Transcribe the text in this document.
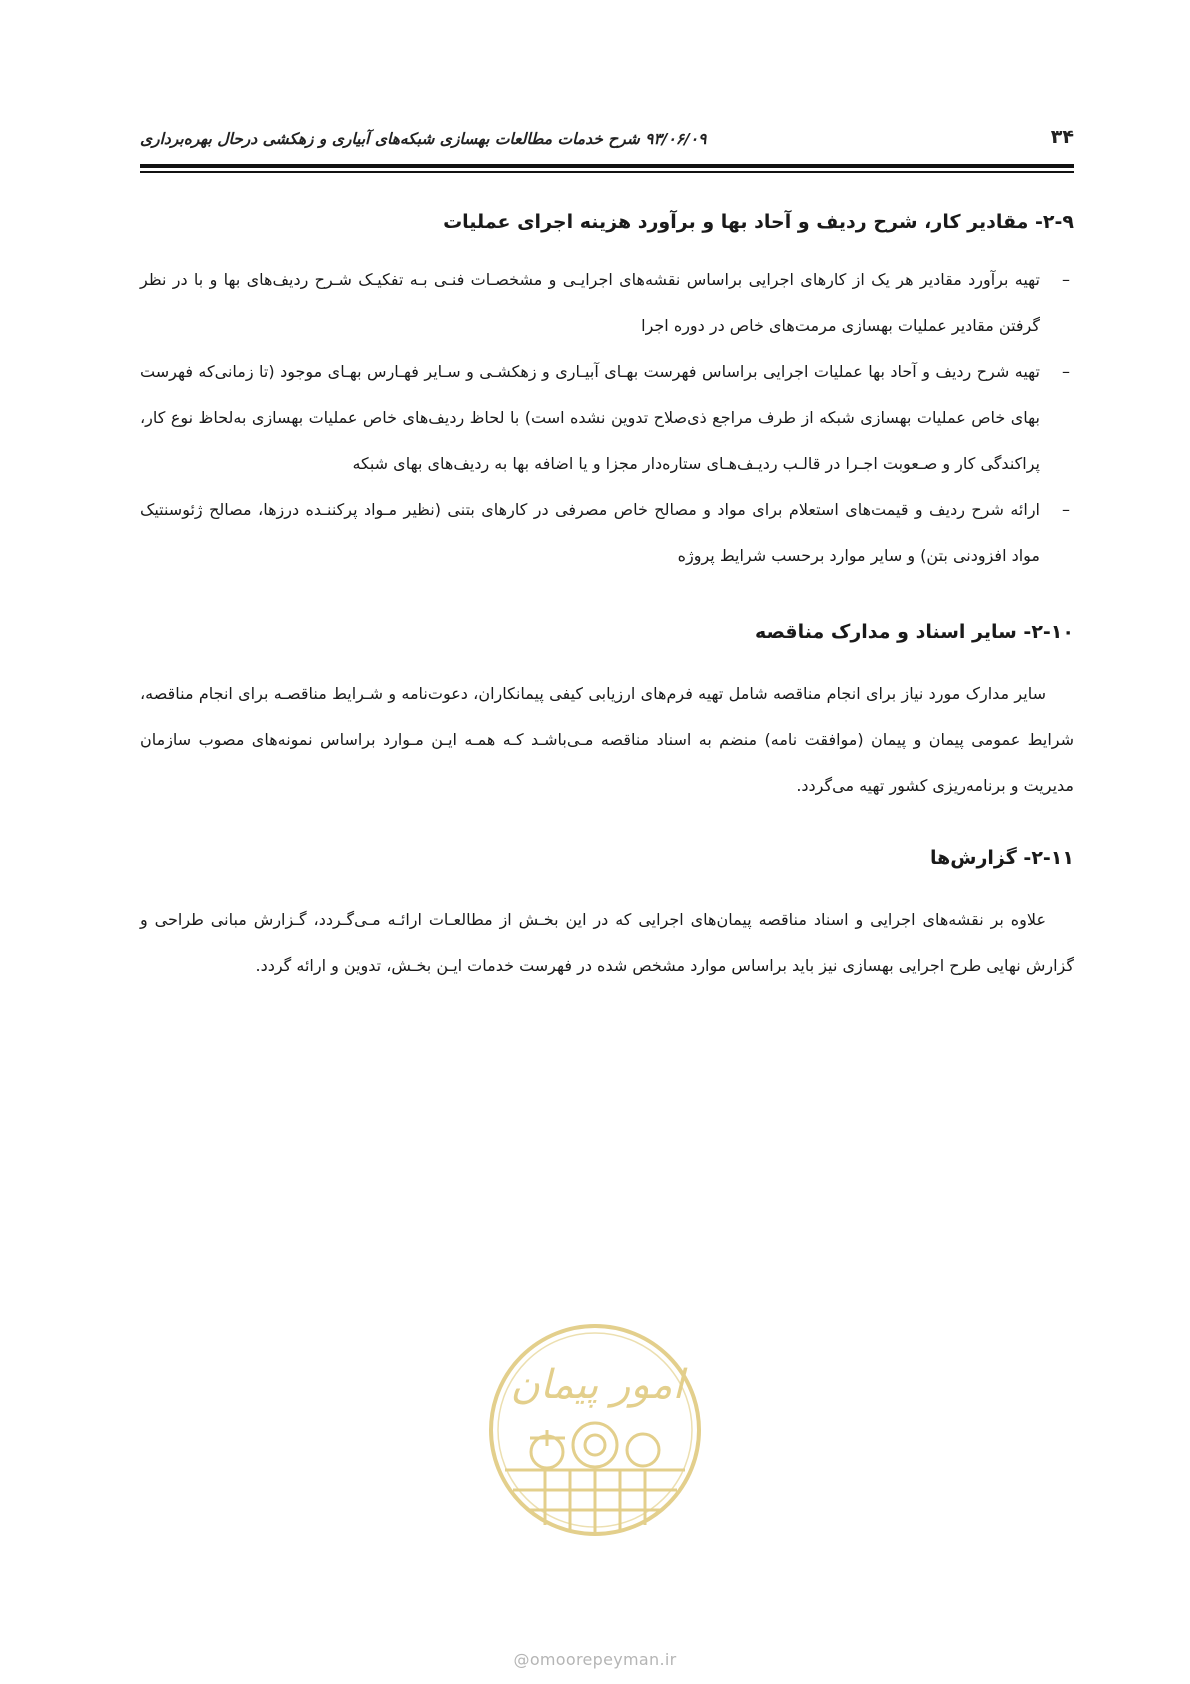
۳۴
۹۳/۰۶/۰۹ شرح خدمات مطالعات بهسازی شبکه‌های آبیاری و زهکشی درحال بهره‌برداری
۲-۹- مقادیر کار، شرح ردیف و آحاد بها و برآورد هزینه اجرای عملیات
–
تهیه برآورد مقادیر هر یک از کارهای اجرایی براساس نقشه‌های اجرایـی و مشخصـات فنـی بـه تفکیـک شـرح ردیف‌های بها و با در نظر گرفتن مقادیر عملیات بهسازی مرمت‌های خاص در دوره اجرا
–
تهیه شرح ردیف و آحاد بها عملیات اجرایی براساس فهرست بهـای آبیـاری و زهکشـی و سـایر فهـارس بهـای موجود (تا زمانی‌که فهرست بهای خاص عملیات بهسازی شبکه از طرف مراجع ذی‌صلاح تدوین نشده است) با لحاظ ردیف‌های خاص عملیات بهسازی به‌لحاظ نوع کار، پراکندگی کار و صـعوبت اجـرا در قالـب ردیـف‌هـای ستاره‌دار مجزا و یا اضافه بها به ردیف‌های بهای شبکه
–
ارائه شرح ردیف و قیمت‌های استعلام برای مواد و مصالح خاص مصرفی در کارهای بتنی (نظیر مـواد پرکننـده درزها، مصالح ژئوسنتیک مواد افزودنی بتن) و سایر موارد برحسب شرایط پروژه
۲-۱۰- سایر اسناد و مدارک مناقصه

سایر مدارک مورد نیاز برای انجام مناقصه شامل تهیه فرم‌های ارزیابی کیفی پیمانکاران، دعوت‌نامه و شـرایط مناقصـه برای انجام مناقصه، شرایط عمومی پیمان و پیمان (موافقت نامه) منضم به اسناد مناقصه مـی‌باشـد کـه همـه ایـن مـوارد براساس نمونه‌های مصوب سازمان مدیریت و برنامه‌ریزی کشور تهیه می‌گردد.

۲-۱۱- گزارش‌ها

علاوه بر نقشه‌های اجرایی و اسناد مناقصه پیمان‌های اجرایی که در این بخـش از مطالعـات ارائـه مـی‌گـردد، گـزارش مبانی طراحی و گزارش نهایی طرح اجرایی بهسازی نیز باید براساس موارد مشخص شده در فهرست خدمات ایـن بخـش، تدوین و ارائه گردد.

امور پیمان
@omoorepeyman.ir
